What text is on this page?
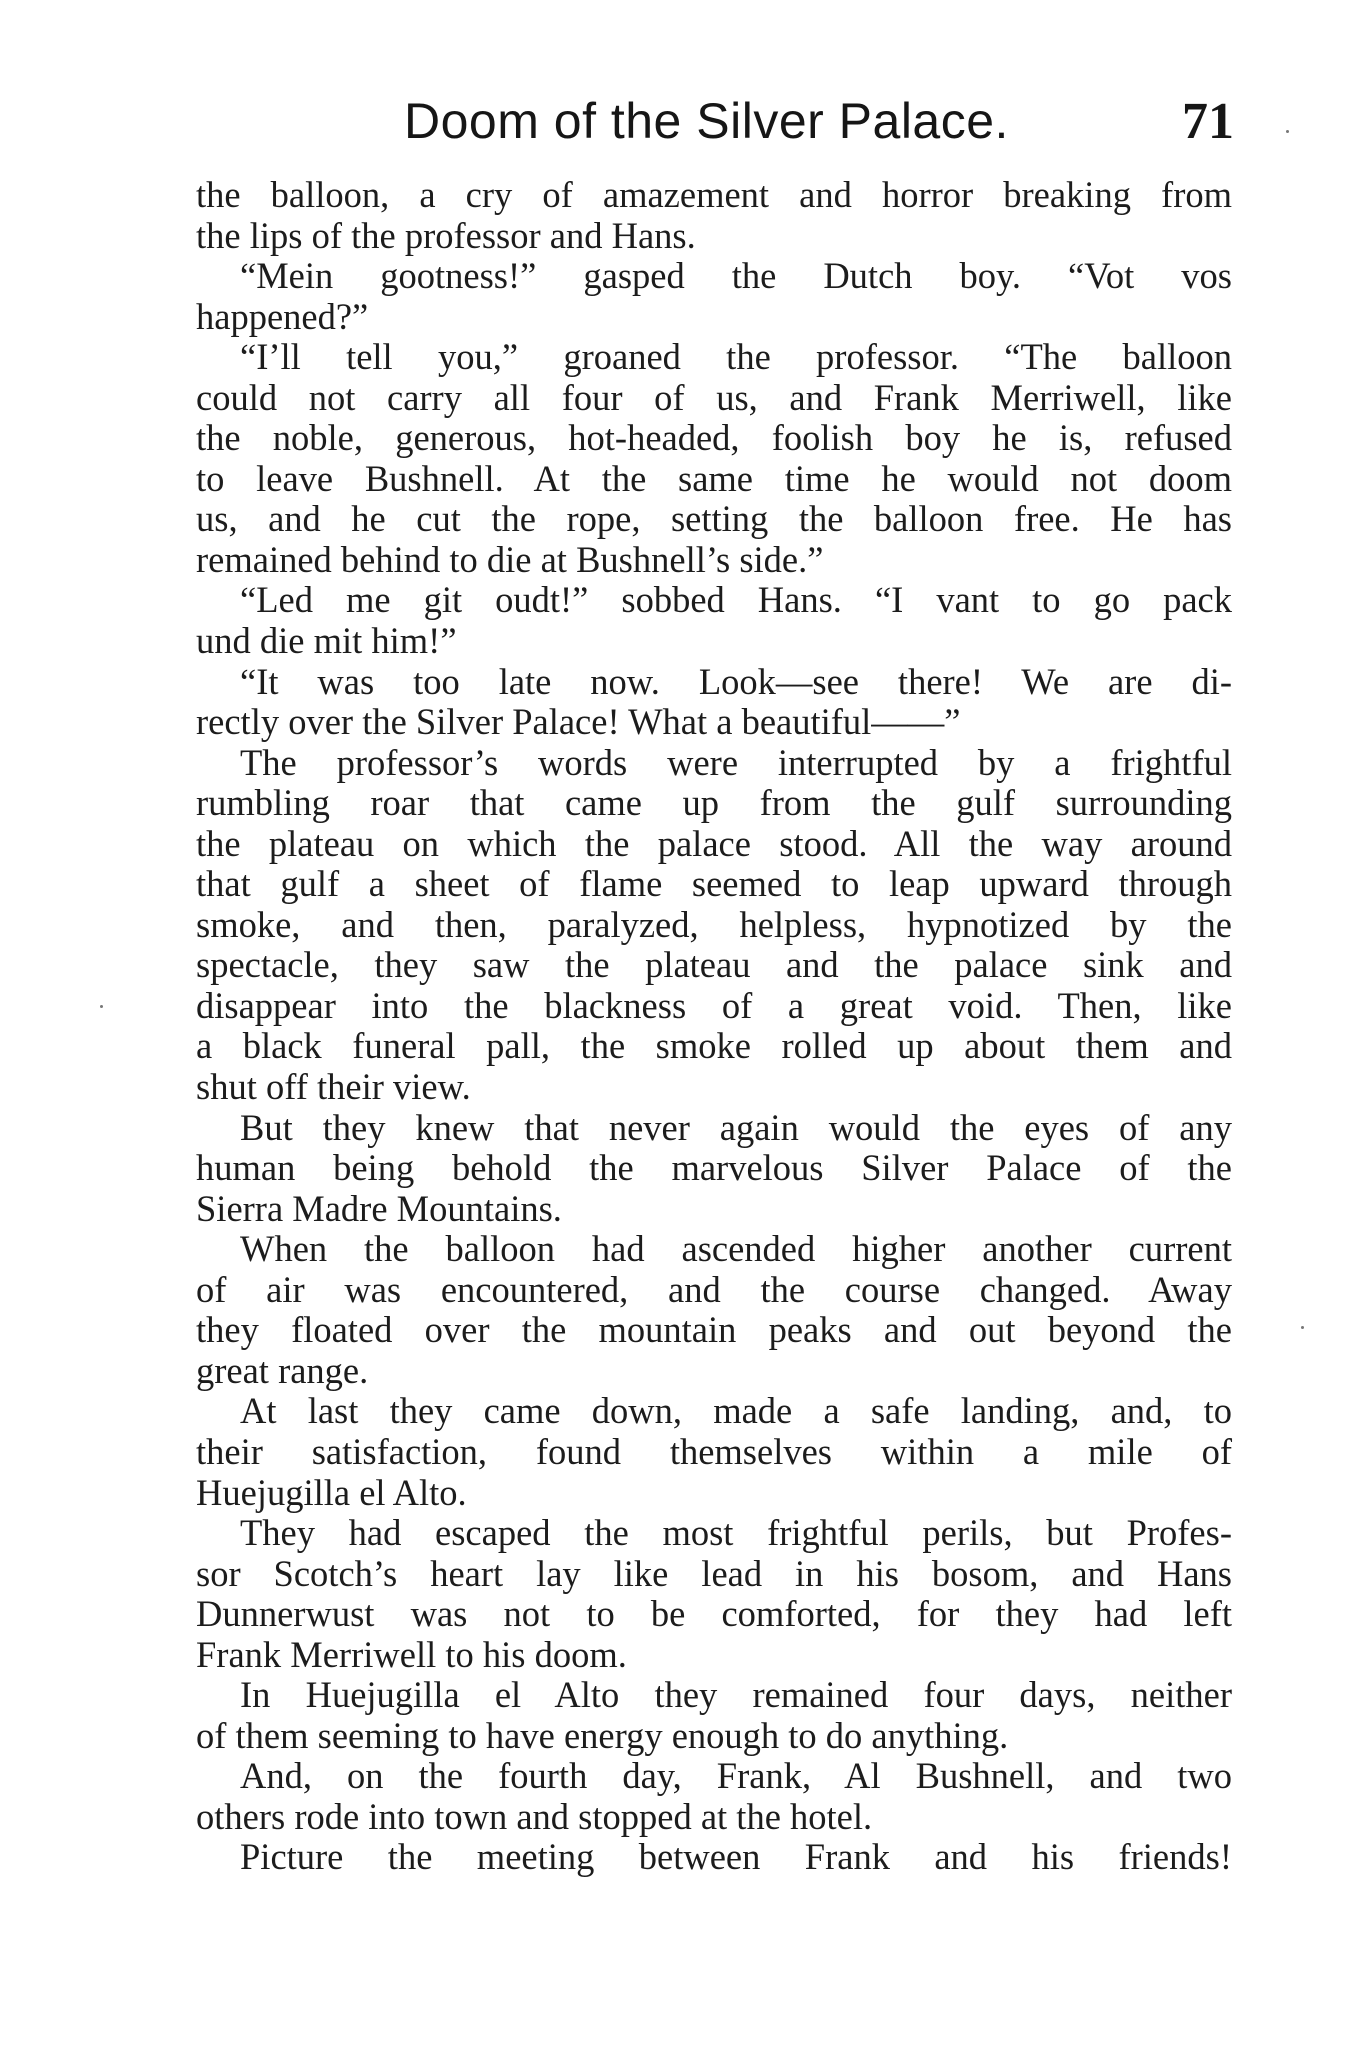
Doom of the Silver Palace.	71
the balloon, a cry of amazement and horror breaking from
the lips of the professor and Hans.
“Mein gootness!” gasped the Dutch boy. “Vot vos
happened?”
“I’ll tell you,” groaned the professor. “The balloon
could not carry all four of us, and Frank Merriwell, like
the noble, generous, hot-headed, foolish boy he is, refused
to leave Bushnell. At the same time he would not doom
us, and he cut the rope, setting the balloon free. He has
remained behind to die at Bushnell’s side.”
“Led me git oudt!” sobbed Hans. “I vant to go pack
und die mit him!”
“It was too late now. Look—see there! We are di-
rectly over the Silver Palace! What a beautiful——”
The professor’s words were interrupted by a frightful
rumbling roar that came up from the gulf surrounding
the plateau on which the palace stood. All the way around
that gulf a sheet of flame seemed to leap upward through
smoke, and then, paralyzed, helpless, hypnotized by the
spectacle, they saw the plateau and the palace sink and
disappear into the blackness of a great void. Then, like
a black funeral pall, the smoke rolled up about them and
shut off their view.
But they knew that never again would the eyes of any
human being behold the marvelous Silver Palace of the
Sierra Madre Mountains.
When the balloon had ascended higher another current
of air was encountered, and the course changed. Away
they floated over the mountain peaks and out beyond the
great range.
At last they came down, made a safe landing, and, to
their satisfaction, found themselves within a mile of
Huejugilla el Alto.
They had escaped the most frightful perils, but Profes-
sor Scotch’s heart lay like lead in his bosom, and Hans
Dunnerwust was not to be comforted, for they had left
Frank Merriwell to his doom.
In Huejugilla el Alto they remained four days, neither
of them seeming to have energy enough to do anything.
And, on the fourth day, Frank, Al Bushnell, and two
others rode into town and stopped at the hotel.
Picture the meeting between Frank and his friends!
